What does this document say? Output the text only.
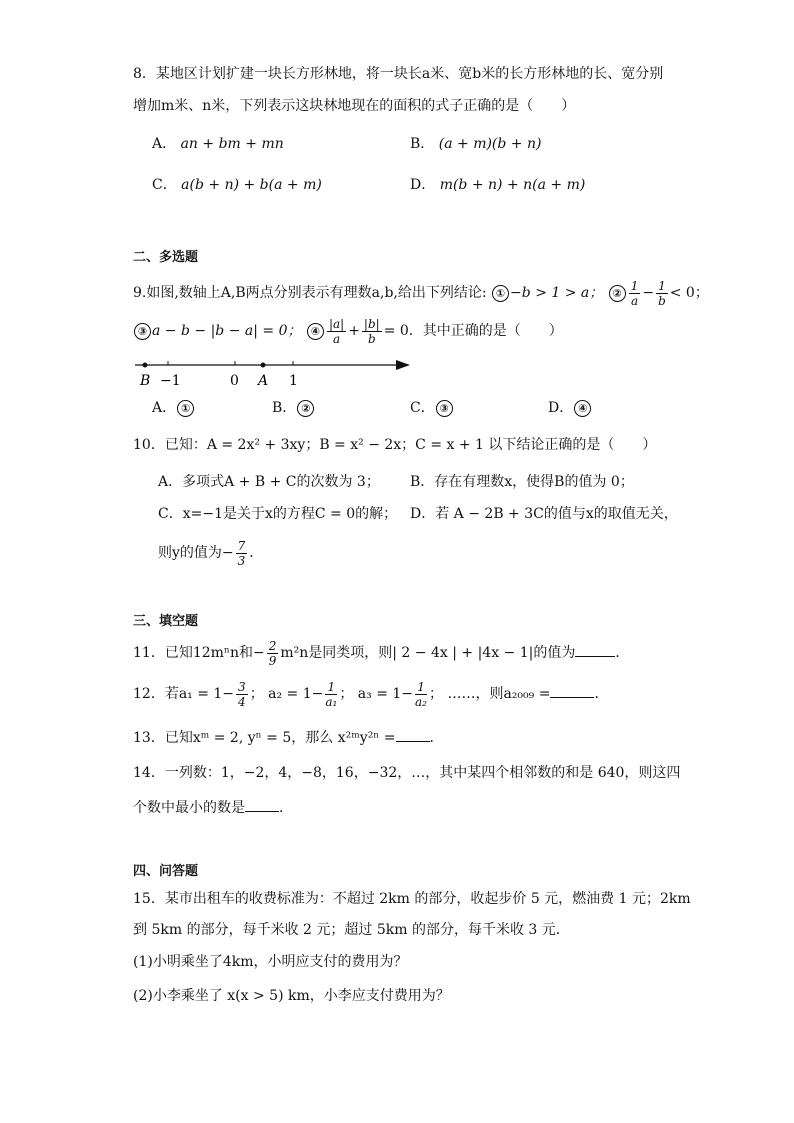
8．某地区计划扩建一块长方形林地，将一块长a米、宽b米的长方形林地的长、宽分别
增加m米、n米，下列表示这块林地现在的面积的式子正确的是（　　）
A． an + bm + mn	B． (a + m)(b + n)
C． a(b + n) + b(a + m)	D． m(b + n) + n(a + m)
二、多选题
9.如图,数轴上A,B两点分别表示有理数a,b,给出下列结论: ① −b > 1 > a； ② $\frac{1}{a} - \frac{1}{b} < 0$；
③ a − b − |b − a| = 0； ④ $\frac{|a|}{a} + \frac{|b|}{b} = 0$．其中正确的是（　　）
B −1	0 A 1
A． ①	B． ②	C． ③	D． ④
10．已知：A = 2x² + 3xy；B = x² − 2x；C = x + 1 以下结论正确的是（　　）
A．多项式A + B + C的次数为 3； B．存在有理数x，使得B的值为 0；
C．x=−1是关于x的方程C = 0的解； D．若 A − 2B + 3C的值与x的取值无关，
则y的值为− $\frac{7}{3}$ ．
三、填空题
11．已知12mⁿn和− $\frac{2}{9} m^2n$是同类项，则| 2 − 4x | + |4x − 1|的值为	．
12．若$a_1 = 1- \frac{3}{4}$ ； $a_2 = 1- \frac{1}{\text{a₁}}$ ； $a_3 = 1- \frac{1}{\text{a₂}}$ ； ……，则a₂₀₀₉ =	．
13．已知xᵐ = 2, yⁿ = 5，那么 x²ᵐy²ⁿ = ．
14．一列数：1，−2，4，−8，16，−32，…，其中某四个相邻数的和是 640，则这四
个数中最小的数是 ．
四、问答题
15．某市出租车的收费标准为：不超过 2km 的部分，收起步价 5 元，燃油费 1 元；2km
到 5km 的部分，每千米收 2 元；超过 5km 的部分，每千米收 3 元．
(1)小明乘坐了4km，小明应支付的费用为？
(2)小李乘坐了 x(x > 5) km，小李应支付费用为？
